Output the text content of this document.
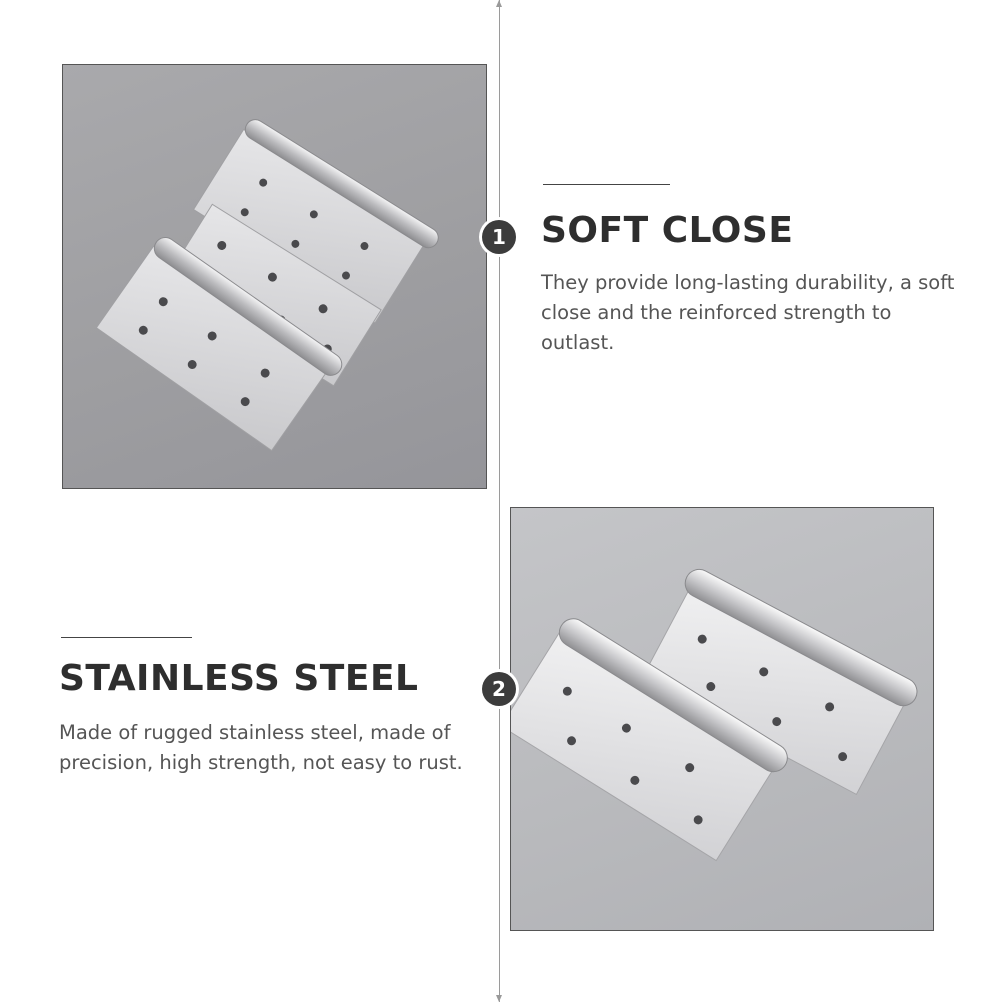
1 SOFT CLOSE
They provide long-lasting durability, a soft close and the reinforced strength to outlast.
2
STAINLESS STEEL
Made of rugged stainless steel, made of precision, high strength, not easy to rust.
